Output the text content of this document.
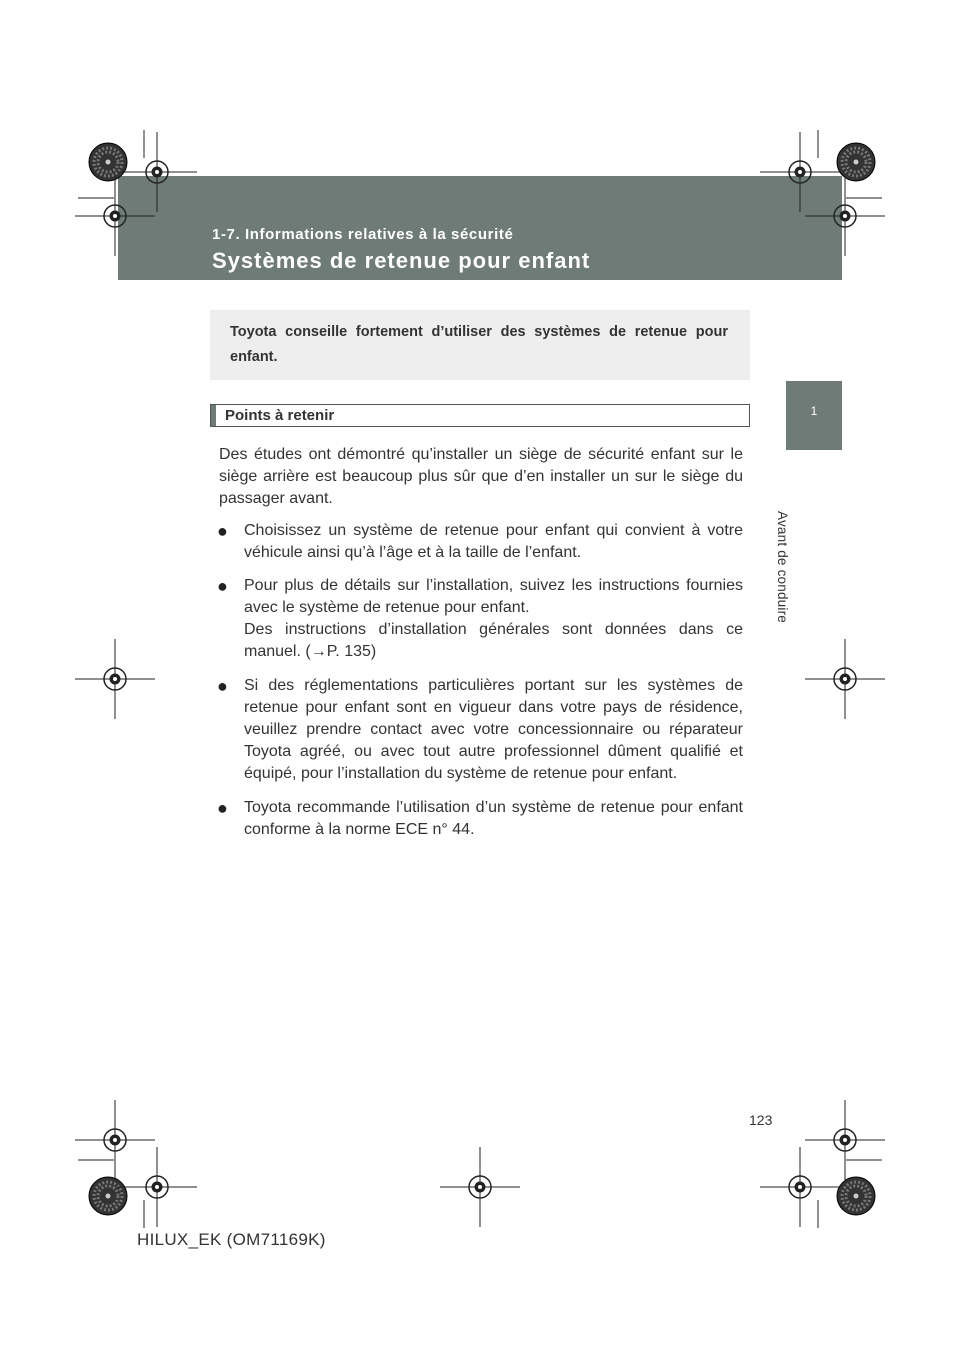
1-7. Informations relatives à la sécurité
Systèmes de retenue pour enfant
1
Avant de conduire
Toyota conseille fortement d’utiliser des systèmes de retenue pour enfant.
Points à retenir
Des études ont démontré qu’installer un siège de sécurité enfant sur le siège arrière est beaucoup plus sûr que d’en installer un sur le siège du passager avant.
● Choisissez un système de retenue pour enfant qui convient à votre véhicule ainsi qu’à l’âge et à la taille de l’enfant.
● Pour plus de détails sur l’installation, suivez les instructions fournies avec le système de retenue pour enfant.
Des instructions d’installation générales sont données dans ce manuel. (→P. 135)
● Si des réglementations particulières portant sur les systèmes de retenue pour enfant sont en vigueur dans votre pays de résidence, veuillez prendre contact avec votre concessionnaire ou réparateur Toyota agréé, ou avec tout autre professionnel dûment qualifié et équipé, pour l’installation du système de retenue pour enfant.
● Toyota recommande l’utilisation d’un système de retenue pour enfant conforme à la norme ECE n° 44.
123
HILUX_EK (OM71169K)
